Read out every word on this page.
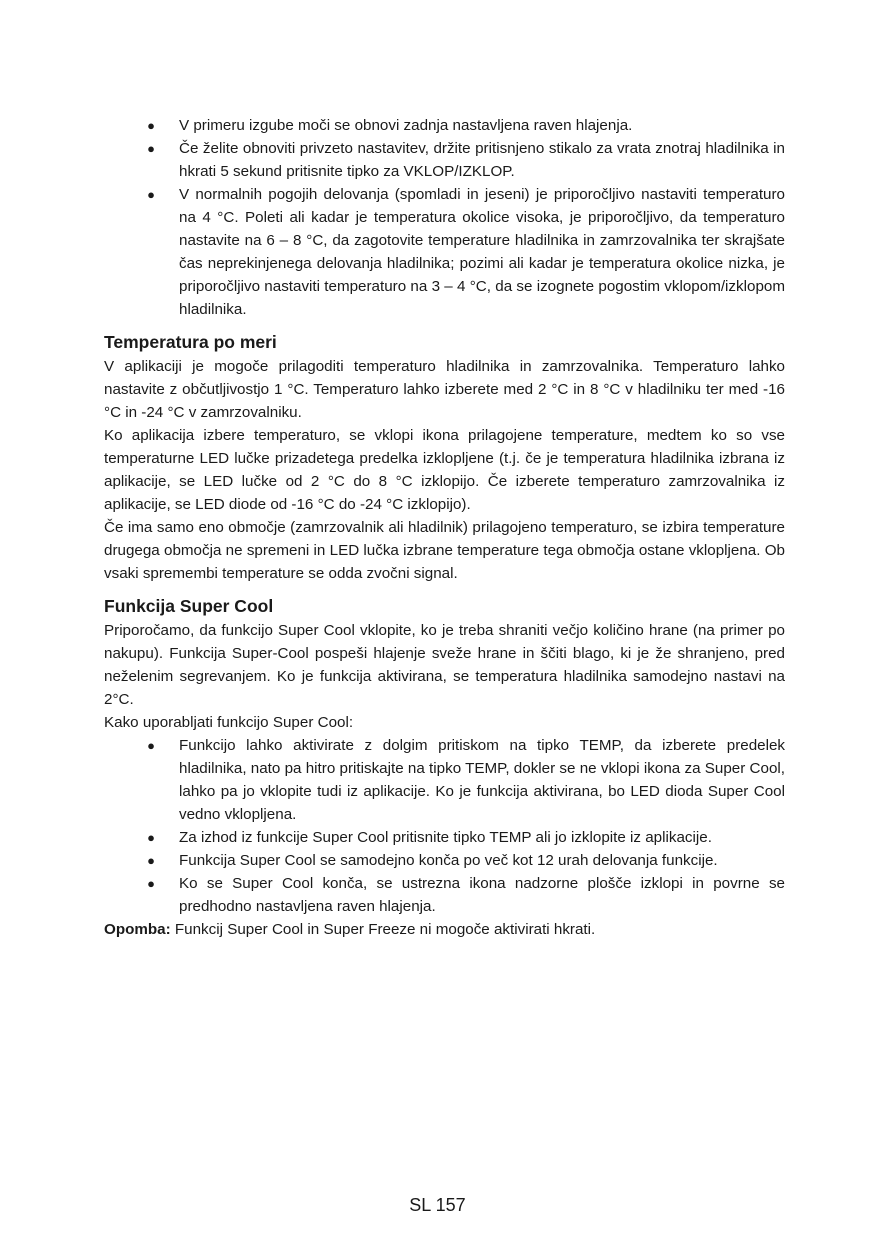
● V primeru izgube moči se obnovi zadnja nastavljena raven hlajenja.
● Če želite obnoviti privzeto nastavitev, držite pritisnjeno stikalo za vrata znotraj hladilnika in hkrati 5 sekund pritisnite tipko za VKLOP/IZKLOP.
● V normalnih pogojih delovanja (spomladi in jeseni) je priporočljivo nastaviti temperaturo na 4 °C. Poleti ali kadar je temperatura okolice visoka, je priporočljivo, da temperaturo nastavite na 6 – 8 °C, da zagotovite temperature hladilnika in zamrzovalnika ter skrajšate čas neprekinjenega delovanja hladilnika; pozimi ali kadar je temperatura okolice nizka, je priporočljivo nastaviti temperaturo na 3 – 4 °C, da se izognete pogostim vklopom/izklopom hladilnika.
Temperatura po meri

V aplikaciji je mogoče prilagoditi temperaturo hladilnika in zamrzovalnika. Temperaturo lahko nastavite z občutljivostjo 1 °C. Temperaturo lahko izberete med 2 °C in 8 °C v hladilniku ter med -16 °C in -24 °C v zamrzovalniku.

Ko aplikacija izbere temperaturo, se vklopi ikona prilagojene temperature, medtem ko so vse temperaturne LED lučke prizadetega predelka izklopljene (t.j. če je temperatura hladilnika izbrana iz aplikacije, se LED lučke od 2 °C do 8 °C izklopijo. Če izberete temperaturo zamrzovalnika iz aplikacije, se LED diode od -16 °C do -24 °C izklopijo).

Če ima samo eno območje (zamrzovalnik ali hladilnik) prilagojeno temperaturo, se izbira temperature drugega območja ne spremeni in LED lučka izbrane temperature tega območja ostane vklopljena. Ob vsaki spremembi temperature se odda zvočni signal.

Funkcija Super Cool

Priporočamo, da funkcijo Super Cool vklopite, ko je treba shraniti večjo količino hrane (na primer po nakupu). Funkcija Super-Cool pospeši hlajenje sveže hrane in ščiti blago, ki je že shranjeno, pred neželenim segrevanjem. Ko je funkcija aktivirana, se temperatura hladilnika samodejno nastavi na 2°C.

Kako uporabljati funkcijo Super Cool:

● Funkcijo lahko aktivirate z dolgim pritiskom na tipko TEMP, da izberete predelek hladilnika, nato pa hitro pritiskajte na tipko TEMP, dokler se ne vklopi ikona za Super Cool, lahko pa jo vklopite tudi iz aplikacije. Ko je funkcija aktivirana, bo LED dioda Super Cool vedno vklopljena.
● Za izhod iz funkcije Super Cool pritisnite tipko TEMP ali jo izklopite iz aplikacije.
● Funkcija Super Cool se samodejno konča po več kot 12 urah delovanja funkcije.
● Ko se Super Cool konča, se ustrezna ikona nadzorne plošče izklopi in povrne se predhodno nastavljena raven hlajenja.

Opomba: Funkcij Super Cool in Super Freeze ni mogoče aktivirati hkrati.

SL 157
